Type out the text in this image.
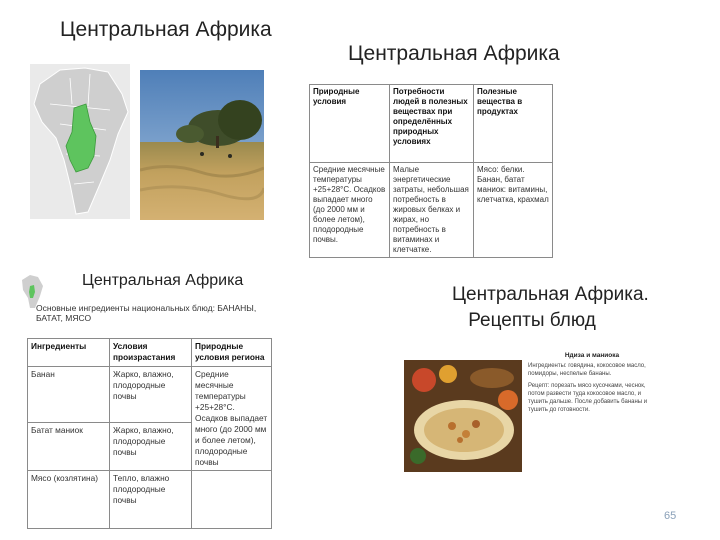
Центральная Африка
Центральная Африка
Центральная Африка
Центральная Африка.
Рецепты блюд
Природные условия	Потребности людей в полезных веществах при определённых природных условиях	Полезные вещества в продуктах
Средние месячные температуры +25+28°С. Осадков выпадает много (до 2000 мм и более летом), плодородные почвы.	Малые энергетические затраты, небольшая потребность в жировых белках и жирах, но потребность в витаминах и клетчатке.	Мясо: белки. Банан, батат маниок: витамины, клетчатка, крахмал
Основные ингредиенты национальных блюд: БАНАНЫ, БАТАТ, МЯСО
Ингредиенты	Условия произрастания	Природные условия региона
Банан	Жарко, влажно, плодородные почвы	Средние месячные температуры +25+28°С. Осадков выпадает много (до 2000 мм и более летом), плодородные почвы
Батат маниок	Жарко, влажно, плодородные почвы	
Мясо (козлятина)	Тепло, влажно плодородные почвы	
Ндиза и маниока

Ингредиенты: говядина, кокосовое масло, помидоры, неспелые бананы.

Рецепт: порезать мясо кусочками, чеснок, потом развести туда кокосовое масло, и тушить дальше. После добавить бананы и тушить до готовности.

65
